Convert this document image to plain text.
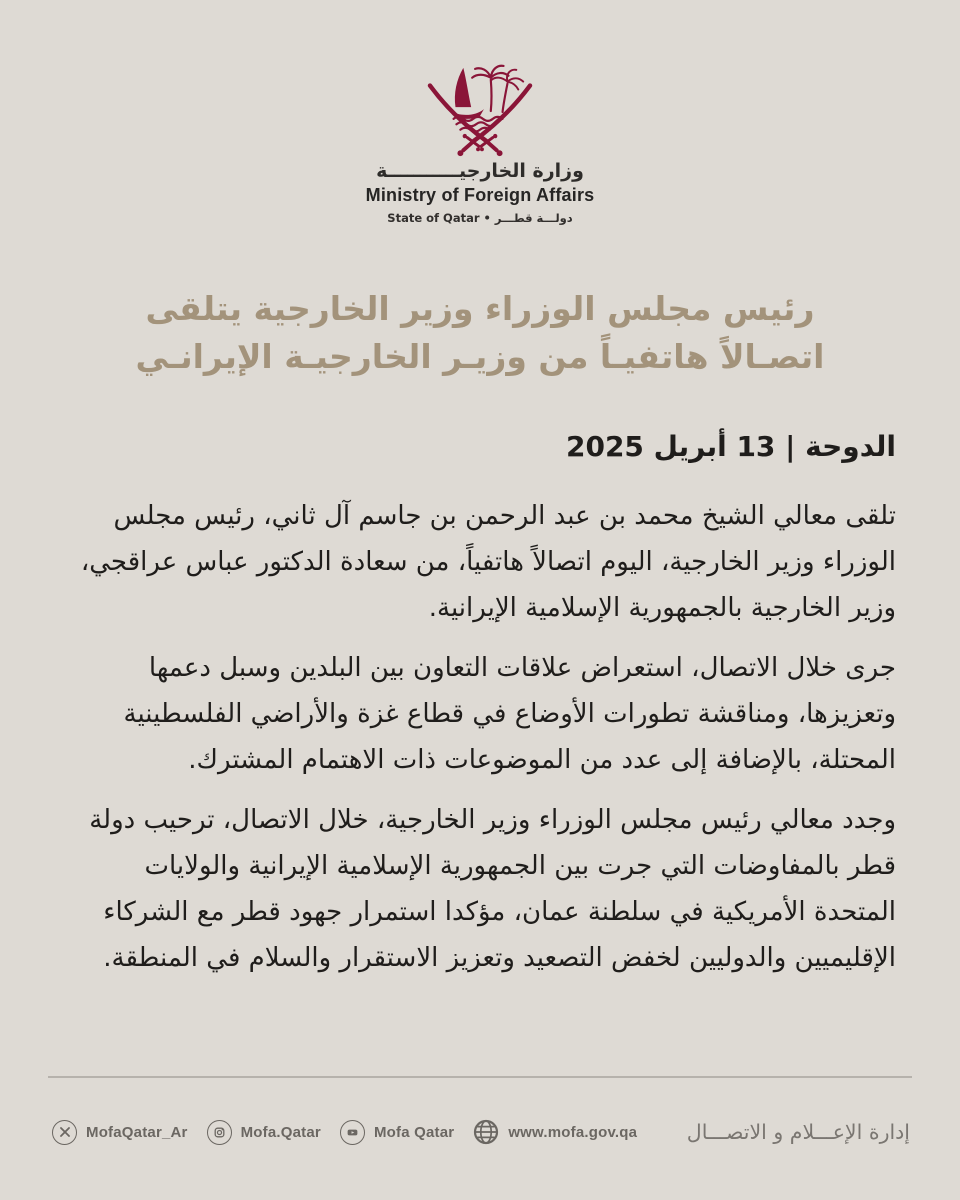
وزارة الخارجيـــــــــــة
Ministry of Foreign Affairs
دولـــة قطـــر • State of Qatar
رئيس مجلس الوزراء وزير الخارجية يتلقى
اتصـالاً هاتفيـاً من وزيـر الخارجيـة الإيرانـي
الدوحة | 13 أبريل 2025

تلقى معالي الشيخ محمد بن عبد الرحمن بن جاسم آل ثاني، رئيس مجلس الوزراء وزير الخارجية، اليوم اتصالاً هاتفياً، من سعادة الدكتور عباس عراقجي، وزير الخارجية بالجمهورية الإسلامية الإيرانية.

جرى خلال الاتصال، استعراض علاقات التعاون بين البلدين وسبل دعمها وتعزيزها، ومناقشة تطورات الأوضاع في قطاع غزة والأراضي الفلسطينية المحتلة، بالإضافة إلى عدد من الموضوعات ذات الاهتمام المشترك.

وجدد معالي رئيس مجلس الوزراء وزير الخارجية، خلال الاتصال، ترحيب دولة قطر بالمفاوضات التي جرت بين الجمهورية الإسلامية الإيرانية والولايات المتحدة الأمريكية في سلطنة عمان، مؤكدا استمرار جهود قطر مع الشركاء الإقليميين والدوليين لخفض التصعيد وتعزيز الاستقرار والسلام في المنطقة.

MofaQatar_Ar	Mofa.Qatar	Mofa Qatar	www.mofa.gov.qa إدارة الإعـــلام و الاتصـــال
